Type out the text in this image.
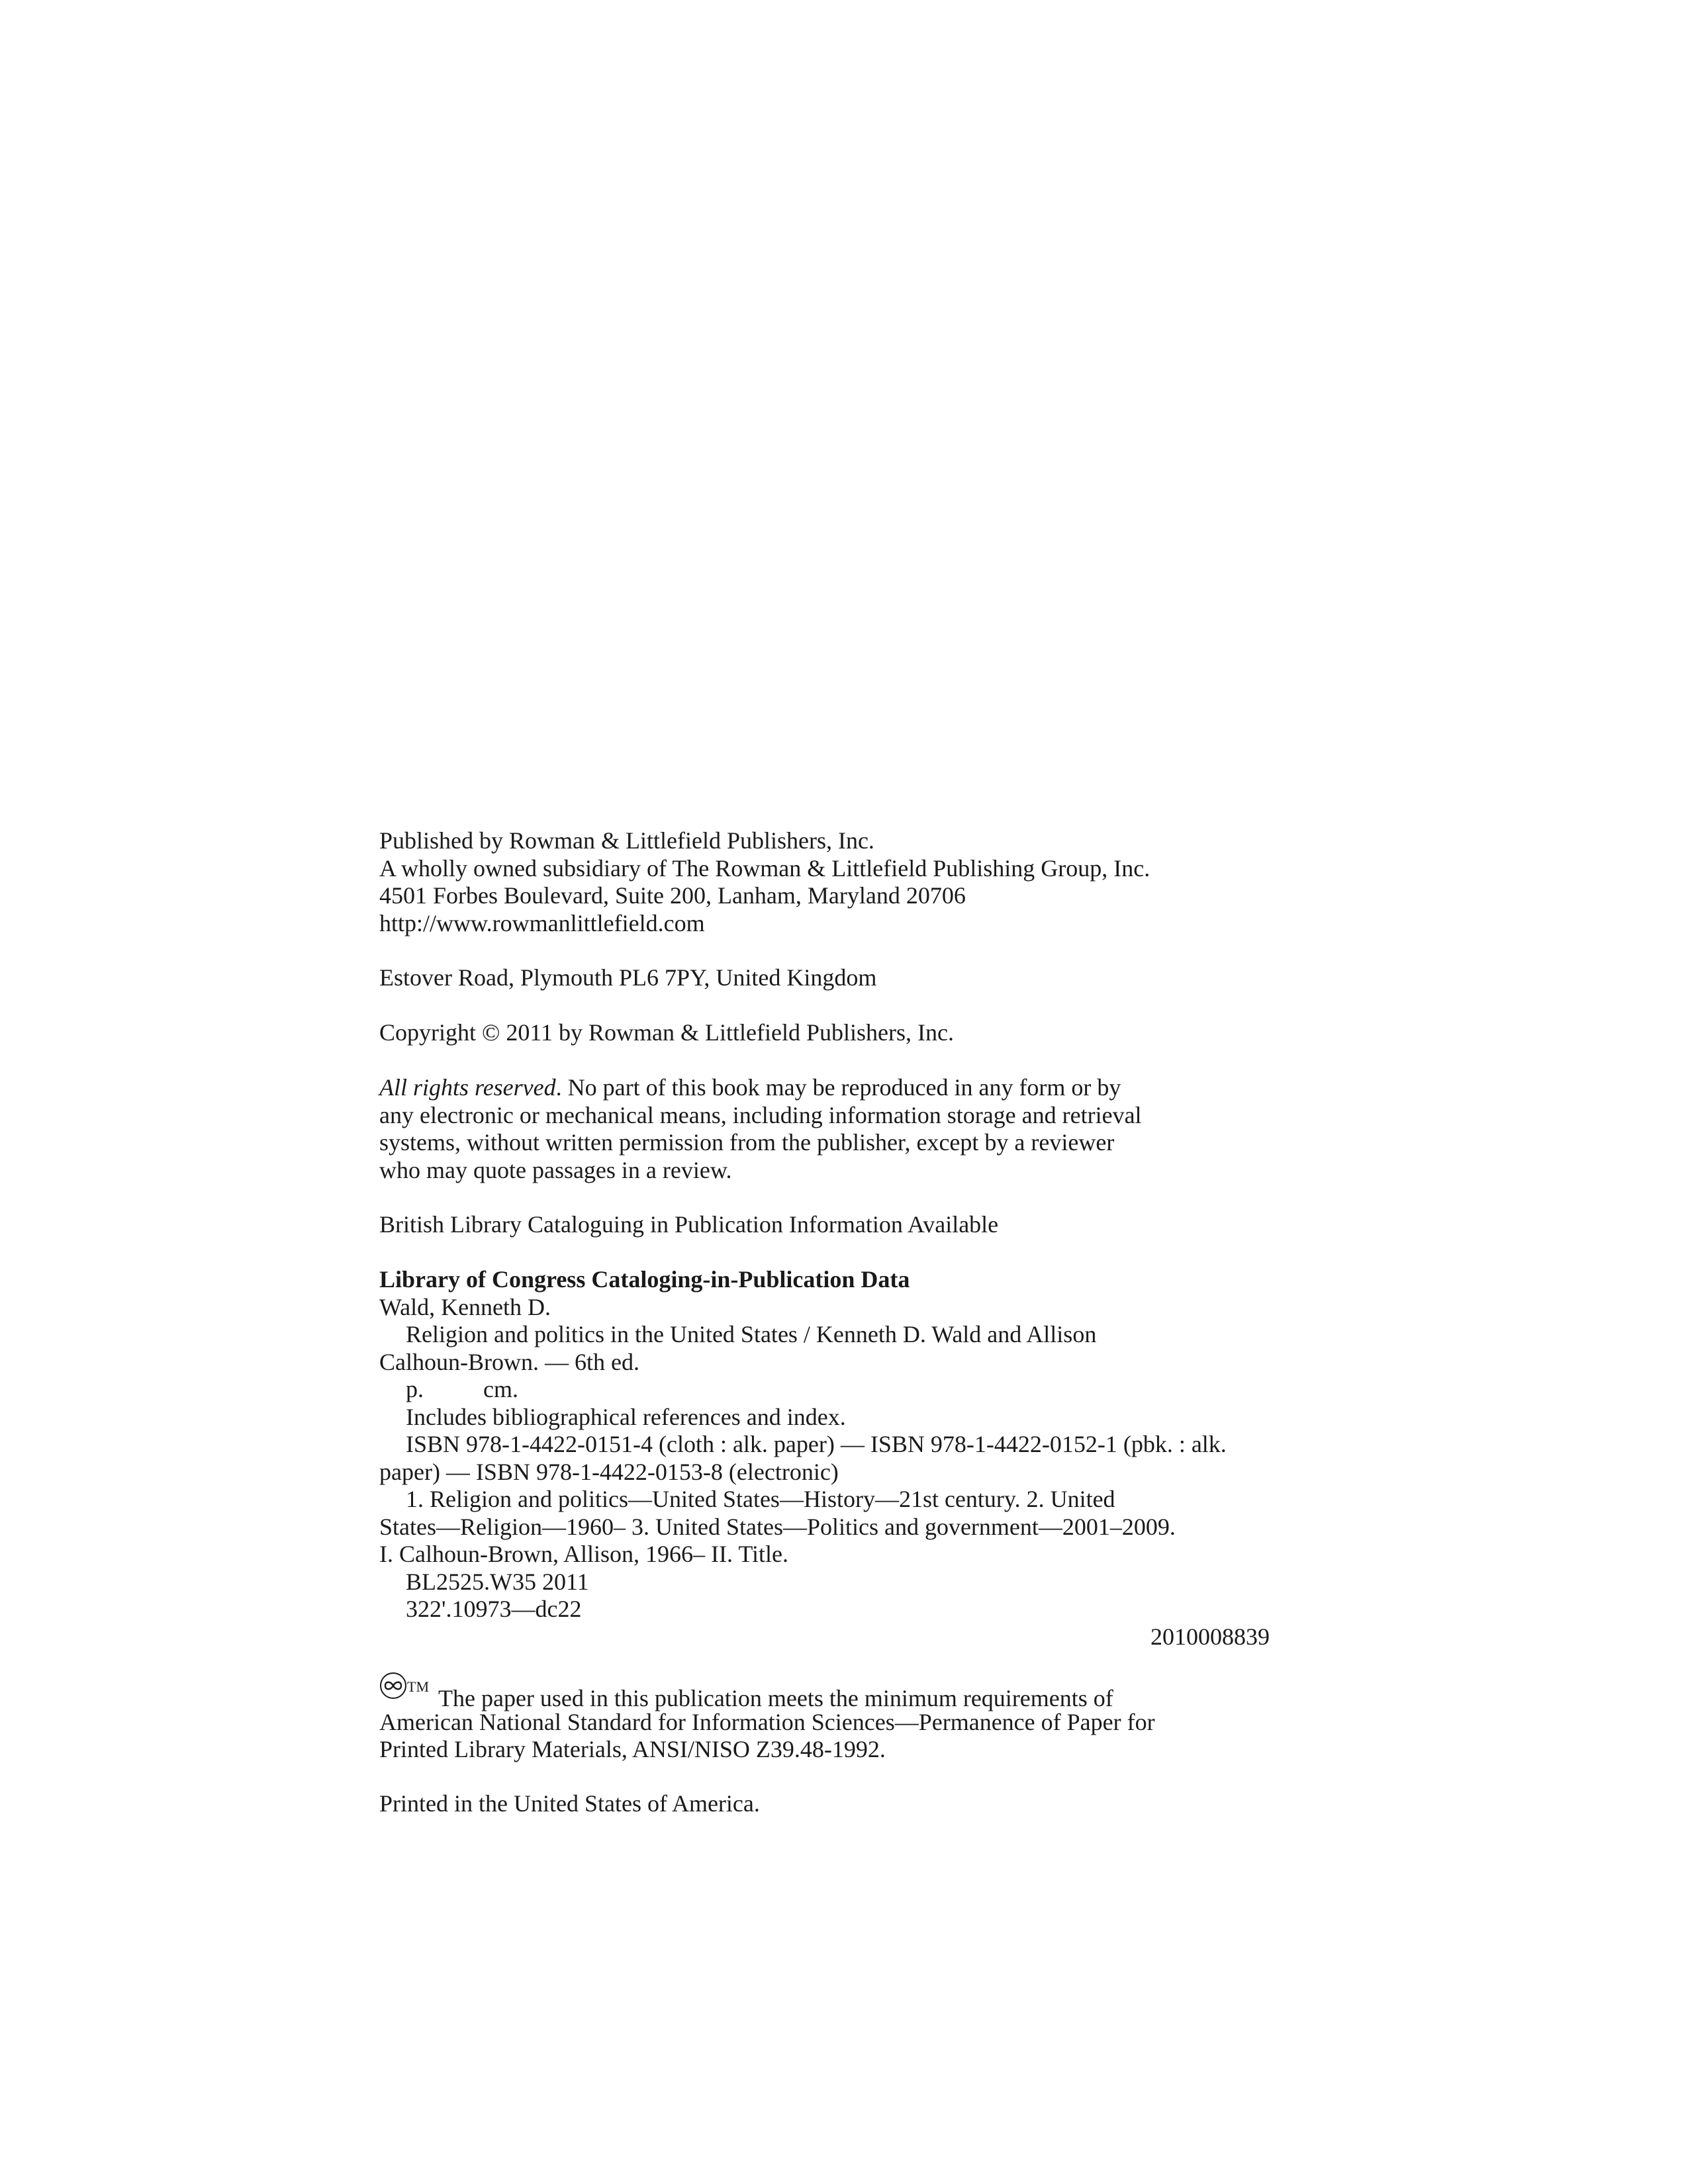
Published by Rowman & Littlefield Publishers, Inc.
A wholly owned subsidiary of The Rowman & Littlefield Publishing Group, Inc.
4501 Forbes Boulevard, Suite 200, Lanham, Maryland 20706
http://www.rowmanlittlefield.com
Estover Road, Plymouth PL6 7PY, United Kingdom
Copyright © 2011 by Rowman & Littlefield Publishers, Inc.
All rights reserved. No part of this book may be reproduced in any form or by
any electronic or mechanical means, including information storage and retrieval
systems, without written permission from the publisher, except by a reviewer
who may quote passages in a review.
British Library Cataloguing in Publication Information Available
Library of Congress Cataloging-in-Publication Data
Wald, Kenneth D.
Religion and politics in the United States / Kenneth D. Wald and Allison
Calhoun-Brown. — 6th ed.
p.	cm.
Includes bibliographical references and index.
ISBN 978-1-4422-0151-4 (cloth : alk. paper) — ISBN 978-1-4422-0152-1 (pbk. : alk.
paper) — ISBN 978-1-4422-0153-8 (electronic)
1. Religion and politics—United States—History—21st century. 2. United
States—Religion—1960– 3. United States—Politics and government—2001–2009.
I. Calhoun-Brown, Allison, 1966– II. Title.
BL2525.W35 2011
322'.10973—dc22
2010008839
™ The paper used in this publication meets the minimum requirements of
American National Standard for Information Sciences—Permanence of Paper for
Printed Library Materials, ANSI/NISO Z39.48-1992.
Printed in the United States of America.
